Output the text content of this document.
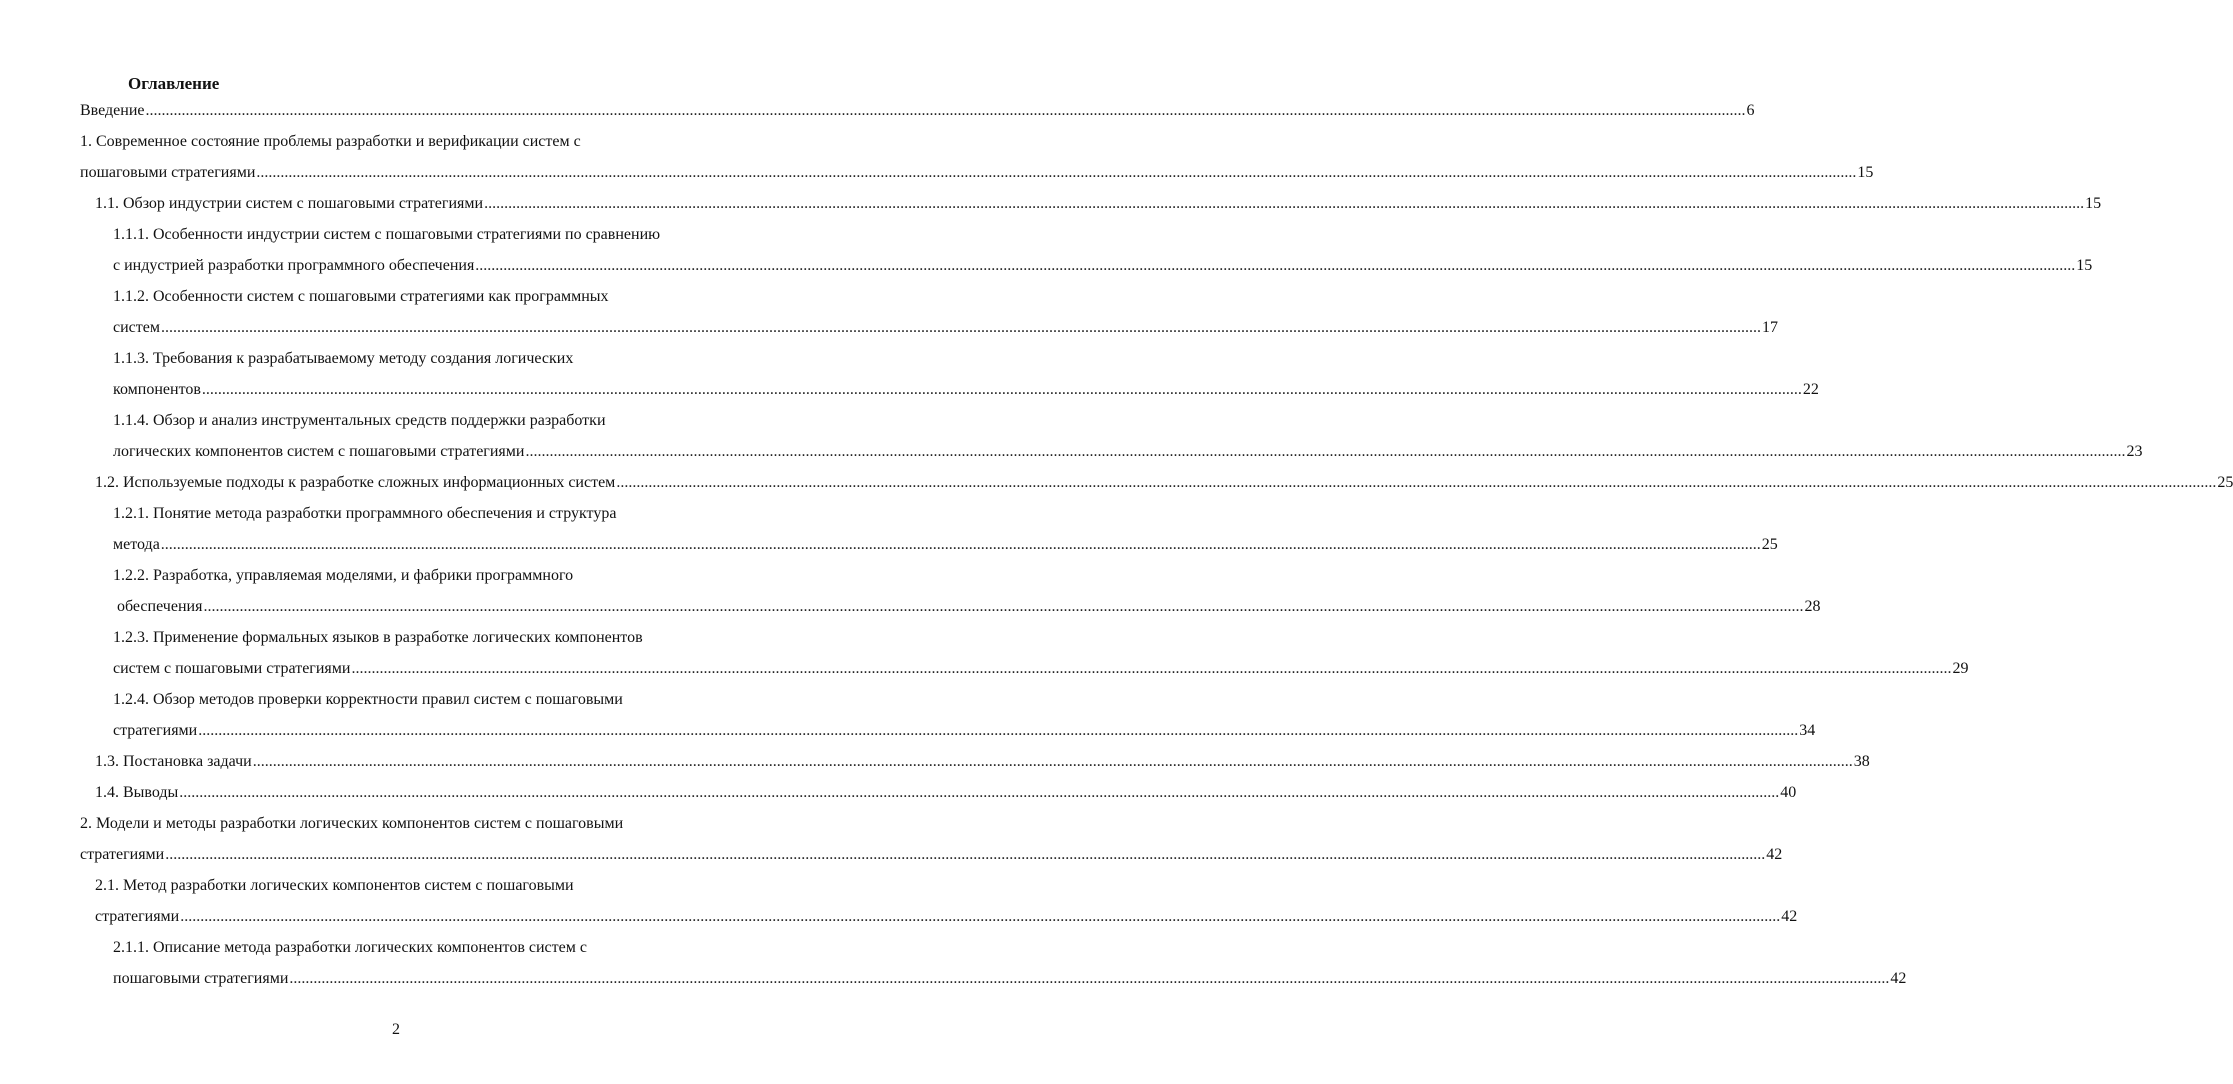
Оглавление
Введение ................................................................................................................................................................................................................................................................................................................................................................................................................ 6
1. Современное состояние проблемы разработки и верификации систем с
пошаговыми стратегиями ................................................................................................................................................................................................................................................................................................................................................................................................................ 15
1.1. Обзор индустрии систем с пошаговыми стратегиями ................................................................................................................................................................................................................................................................................................................................................................................................................ 15
1.1.1. Особенности индустрии систем с пошаговыми стратегиями по сравнению
с индустрией разработки программного обеспечения ................................................................................................................................................................................................................................................................................................................................................................................................................ 15
1.1.2. Особенности систем с пошаговыми стратегиями как программных
систем ................................................................................................................................................................................................................................................................................................................................................................................................................ 17
1.1.3. Требования к разрабатываемому методу создания логических
компонентов ................................................................................................................................................................................................................................................................................................................................................................................................................ 22
1.1.4. Обзор и анализ инструментальных средств поддержки разработки
логических компонентов систем с пошаговыми стратегиями ................................................................................................................................................................................................................................................................................................................................................................................................................ 23
1.2. Используемые подходы к разработке сложных информационных систем ................................................................................................................................................................................................................................................................................................................................................................................................................ 25
1.2.1. Понятие метода разработки программного обеспечения и структура
метода ................................................................................................................................................................................................................................................................................................................................................................................................................ 25
1.2.2. Разработка, управляемая моделями, и фабрики программного
обеспечения ................................................................................................................................................................................................................................................................................................................................................................................................................ 28
1.2.3. Применение формальных языков в разработке логических компонентов
систем с пошаговыми стратегиями ................................................................................................................................................................................................................................................................................................................................................................................................................ 29
1.2.4. Обзор методов проверки корректности правил систем с пошаговыми
стратегиями ................................................................................................................................................................................................................................................................................................................................................................................................................ 34
1.3. Постановка задачи ................................................................................................................................................................................................................................................................................................................................................................................................................ 38
1.4. Выводы ................................................................................................................................................................................................................................................................................................................................................................................................................ 40
2. Модели и методы разработки логических компонентов систем с пошаговыми
стратегиями ................................................................................................................................................................................................................................................................................................................................................................................................................ 42
2.1. Метод разработки логических компонентов систем с пошаговыми
стратегиями ................................................................................................................................................................................................................................................................................................................................................................................................................ 42
2.1.1. Описание метода разработки логических компонентов систем с
пошаговыми стратегиями ................................................................................................................................................................................................................................................................................................................................................................................................................ 42
2
